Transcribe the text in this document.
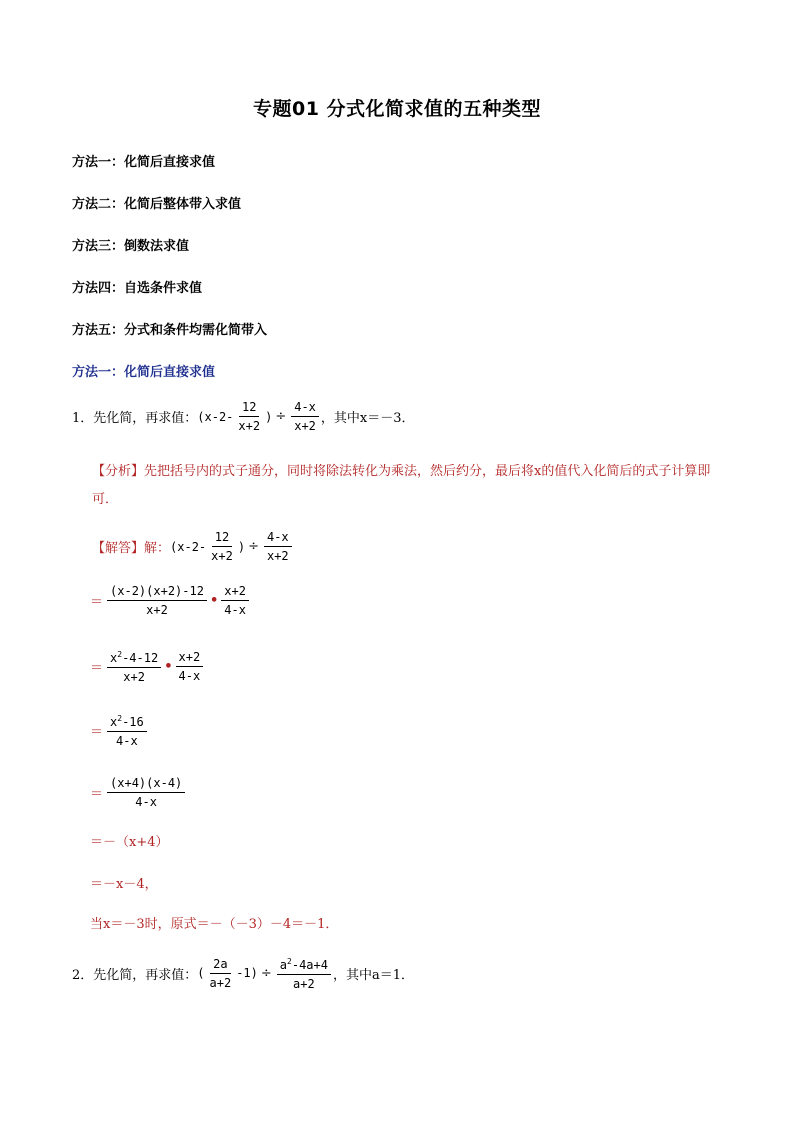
专题01 分式化简求值的五种类型
方法一：化简后直接求值
方法二：化简后整体带入求值
方法三：倒数法求值
方法四：自选条件求值
方法五：分式和条件均需化简带入
方法一：化简后直接求值
1．先化简，再求值： ($x-2- \frac{12}{x+2}$ ) ÷ $\frac{4-x}{x+2}$ ，其中x＝－3．
【分析】先把括号内的式子通分，同时将除法转化为乘法，然后约分，最后将x的值代入化简后的式子计算即可．
【解答】 解： ($x-2- \frac{12}{x+2}$ ) ÷ $\frac{4-x}{x+2}$
＝ $\frac{(x-2)(x+2)-12}{x+2}$ • $\frac{x+2}{4-x}$
＝ $\frac{x^2-4-12}{x+2}$ • $\frac{x+2}{4-x}$
＝ $\frac{x^2-16}{4-x}$
＝ $\frac{(x+4)(x-4)}{4-x}$
＝－（x+4）
＝－x－4，
当x＝－3时，原式＝－（－3）－4＝－1．
2．先化简，再求值： ( $\frac{2a}{a+2} -1) \div \frac{a^2-4a+4}{a+2}$ ，其中a＝1．
